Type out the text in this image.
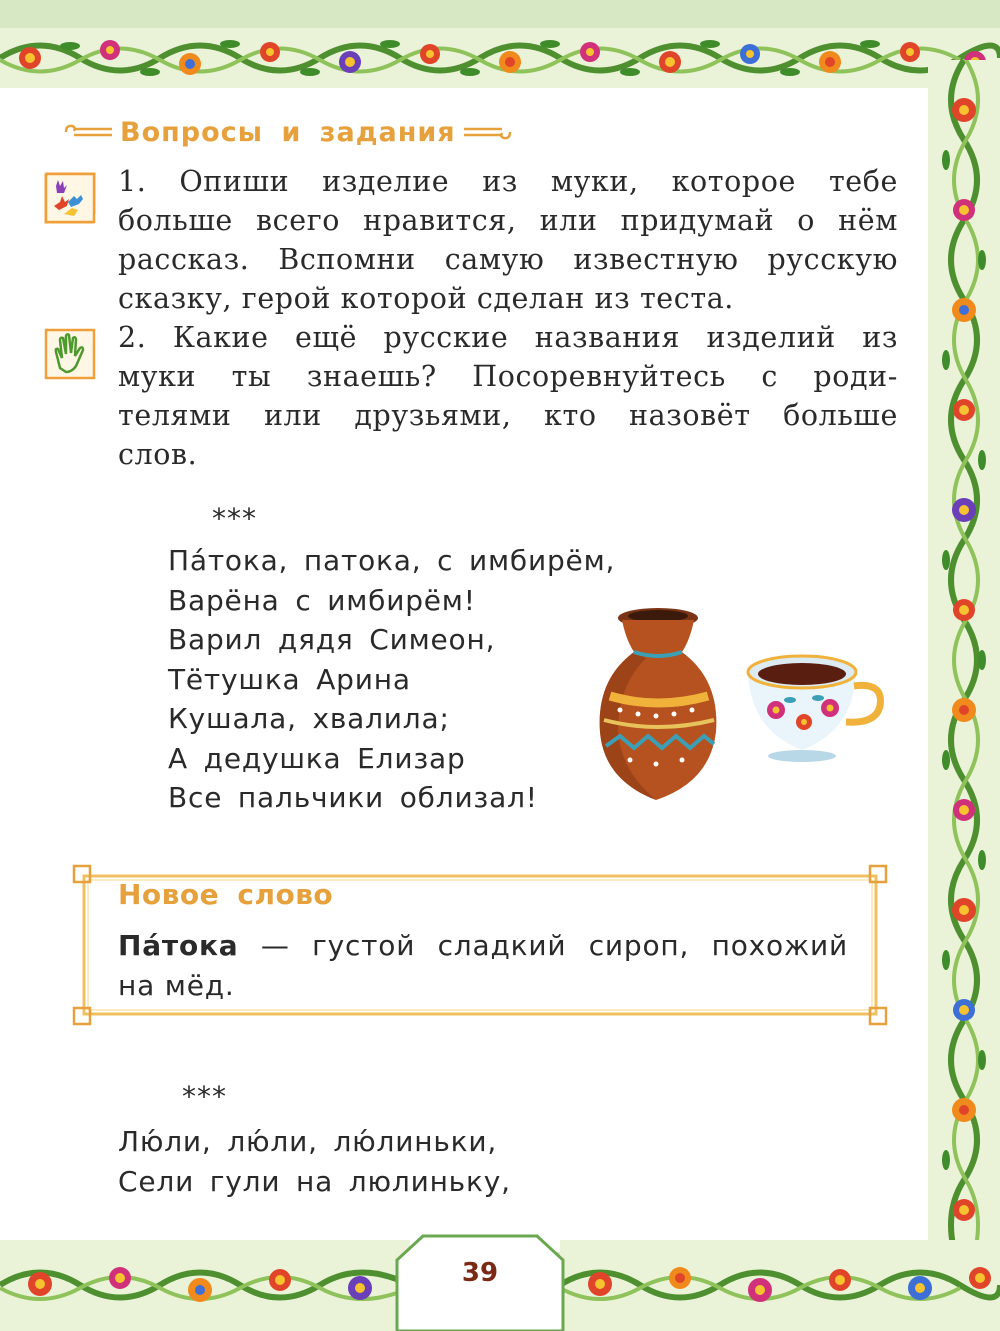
39
Вопросы и задания
1. Опиши изделие из муки, которое тебе
больше всего нравится, или придумай о нём
рассказ. Вспомни самую известную русскую
сказку, герой которой сделан из теста.
2. Какие ещё русские названия изделий из
муки ты знаешь? Посоревнуйтесь с роди-
телями или друзьями, кто назовёт больше
слов.
***
Па́тока, патока, с имбирём,
Варёна с имбирём!
Варил дядя Симеон,
Тётушка Арина
Кушала, хвалила;
А дедушка Елизар
Все пальчики облизал!
Новое слово
Па́тока — густой сладкий сироп, похожий
на мёд.
***
Лю́ли, лю́ли, лю́линьки,
Сели гули на люлиньку,
